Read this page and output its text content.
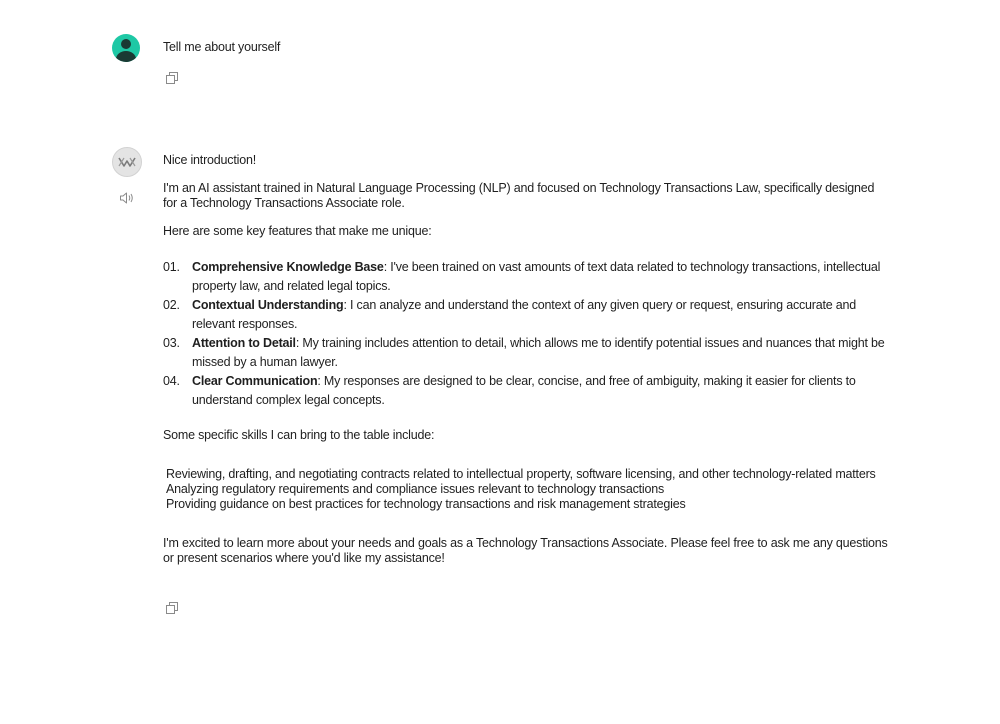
Tell me about yourself

Nice introduction!

I'm an AI assistant trained in Natural Language Processing (NLP) and focused on Technology Transactions Law, specifically designed for a Technology Transactions Associate role.

Here are some key features that make me unique:

01. Comprehensive Knowledge Base: I've been trained on vast amounts of text data related to technology transactions, intellectual property law, and related legal topics.
02. Contextual Understanding: I can analyze and understand the context of any given query or request, ensuring accurate and relevant responses.
03. Attention to Detail: My training includes attention to detail, which allows me to identify potential issues and nuances that might be missed by a human lawyer.
04. Clear Communication: My responses are designed to be clear, concise, and free of ambiguity, making it easier for clients to understand complex legal concepts.

Some specific skills I can bring to the table include:

Reviewing, drafting, and negotiating contracts related to intellectual property, software licensing, and other technology-related matters
Analyzing regulatory requirements and compliance issues relevant to technology transactions
Providing guidance on best practices for technology transactions and risk management strategies

I'm excited to learn more about your needs and goals as a Technology Transactions Associate. Please feel free to ask me any questions or present scenarios where you'd like my assistance!
